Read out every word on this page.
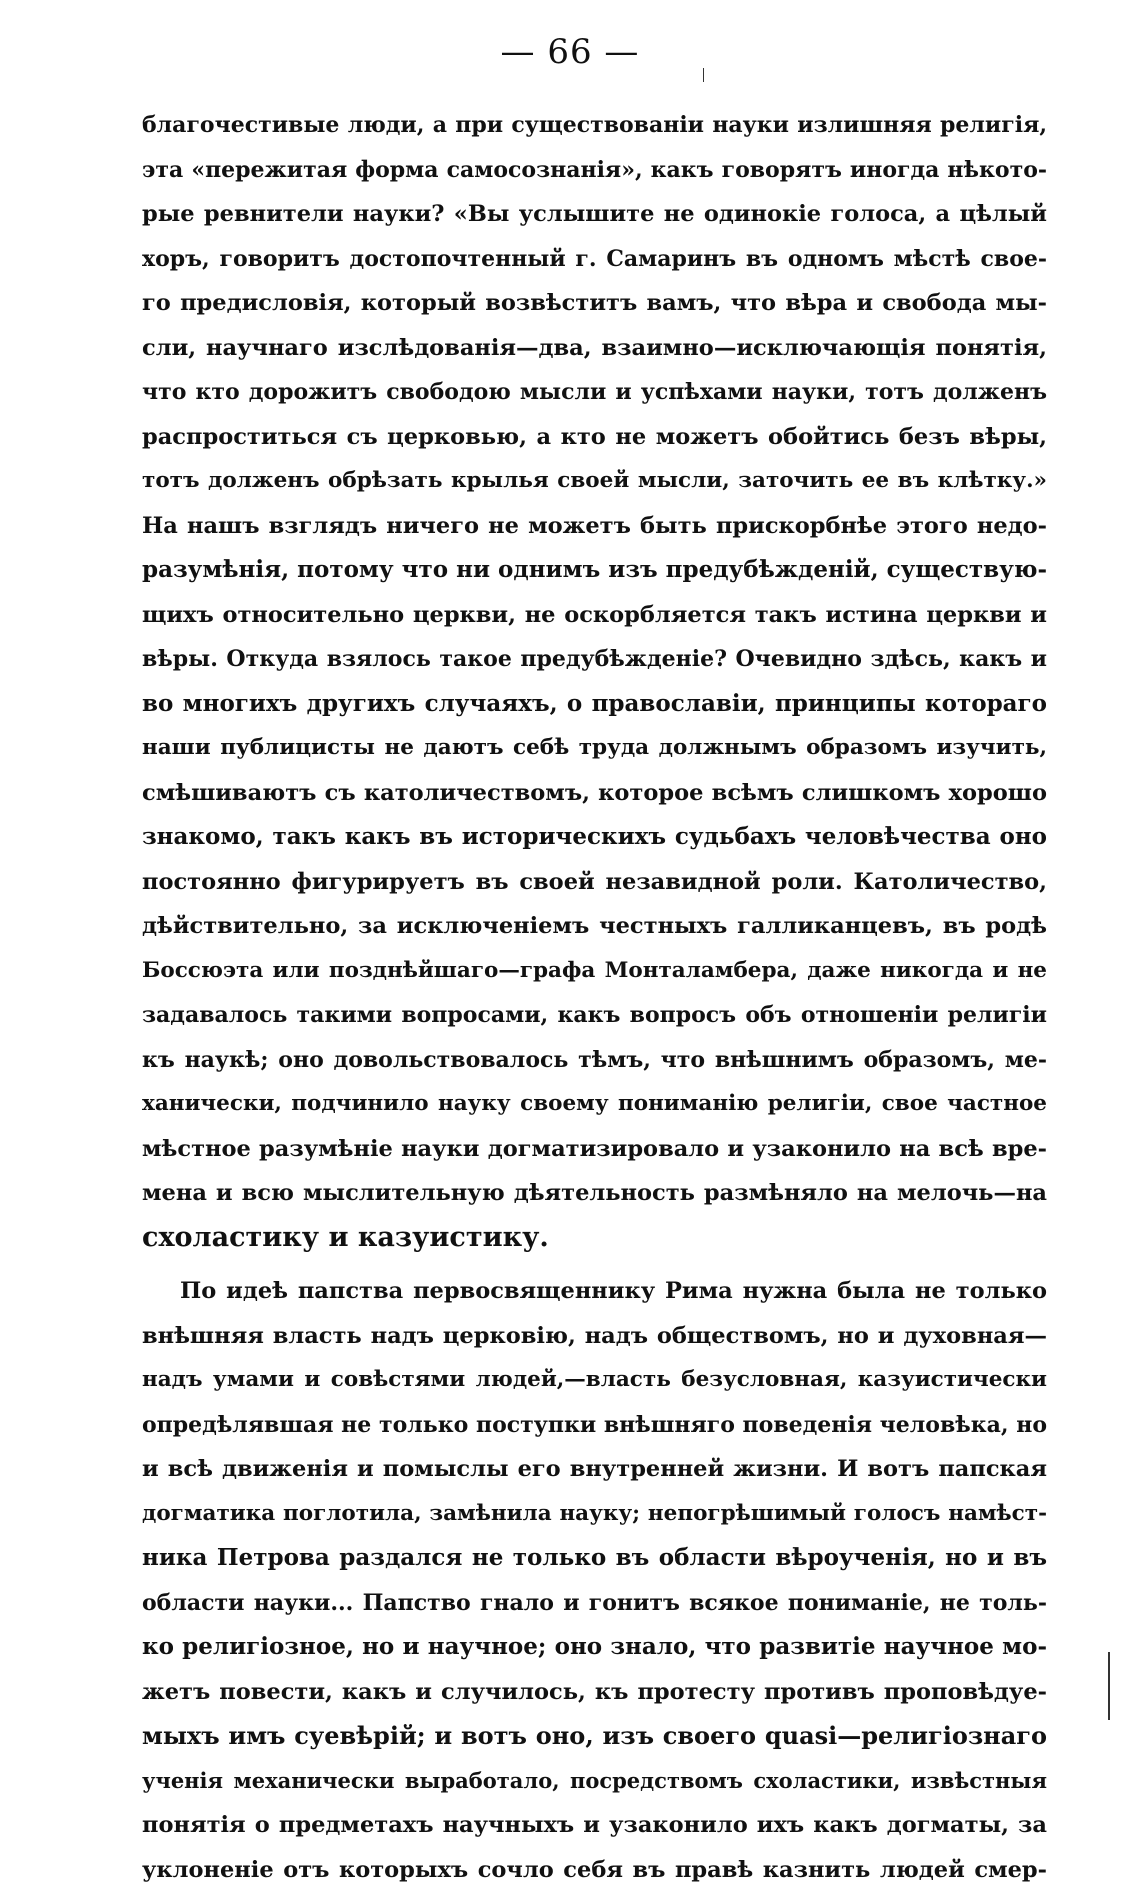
— 66 —
благочестивые люди, а при существованіи науки излишняя религія,
эта «пережитая форма самосознанія», какъ говорятъ иногда нѣкото-
рые ревнители науки? «Вы услышите не одинокіе голоса, а цѣлый
хоръ, говоритъ достопочтенный г. Самаринъ въ одномъ мѣстѣ свое-
го предисловія, который возвѣститъ вамъ, что вѣра и свобода мы-
сли, научнаго изслѣдованія—два, взаимно—исключающія понятія,
что кто дорожитъ свободою мысли и успѣхами науки, тотъ долженъ
распроститься съ церковью, а кто не можетъ обойтись безъ вѣры,
тотъ долженъ обрѣзать крылья своей мысли, заточить ее въ клѣтку.»
На нашъ взглядъ ничего не можетъ быть прискорбнѣе этого недо-
разумѣнія, потому что ни однимъ изъ предубѣжденій, существую-
щихъ относительно церкви, не оскорбляется такъ истина церкви и
вѣры. Откуда взялось такое предубѣжденіе? Очевидно здѣсь, какъ и
во многихъ другихъ случаяхъ, о православіи, принципы котораго
наши публицисты не даютъ себѣ труда должнымъ образомъ изучить,
смѣшиваютъ съ католичествомъ, которое всѣмъ слишкомъ хорошо
знакомо, такъ какъ въ историческихъ судьбахъ человѣчества оно
постоянно фигурируетъ въ своей незавидной роли. Католичество,
дѣйствительно, за исключеніемъ честныхъ галликанцевъ, въ родѣ
Боссюэта или позднѣйшаго—графа Монталамбера, даже никогда и не
задавалось такими вопросами, какъ вопросъ объ отношеніи религіи
къ наукѣ; оно довольствовалось тѣмъ, что внѣшнимъ образомъ, ме-
ханически, подчинило науку своему пониманію религіи, свое частное
мѣстное разумѣніе науки догматизировало и узаконило на всѣ вре-
мена и всю мыслительную дѣятельность размѣняло на мелочь—на
схоластику и казуистику.
По идеѣ папства первосвященнику Рима нужна была не только
внѣшняя власть надъ церковію, надъ обществомъ, но и духовная—
надъ умами и совѣстями людей,—власть безусловная, казуистически
опредѣлявшая не только поступки внѣшняго поведенія человѣка, но
и всѣ движенія и помыслы его внутренней жизни. И вотъ папская
догматика поглотила, замѣнила науку; непогрѣшимый голосъ намѣст-
ника Петрова раздался не только въ области вѣроученія, но и въ
области науки... Папство гнало и гонитъ всякое пониманіе, не толь-
ко религіозное, но и научное; оно знало, что развитіе научное мо-
жетъ повести, какъ и случилось, къ протесту противъ проповѣдуе-
мыхъ имъ суевѣрій; и вотъ оно, изъ своего quasi—религіознаго
ученія механически выработало, посредствомъ схоластики, извѣстныя
понятія о предметахъ научныхъ и узаконило ихъ какъ догматы, за
уклоненіе отъ которыхъ сочло себя въ правѣ казнить людей смер-
